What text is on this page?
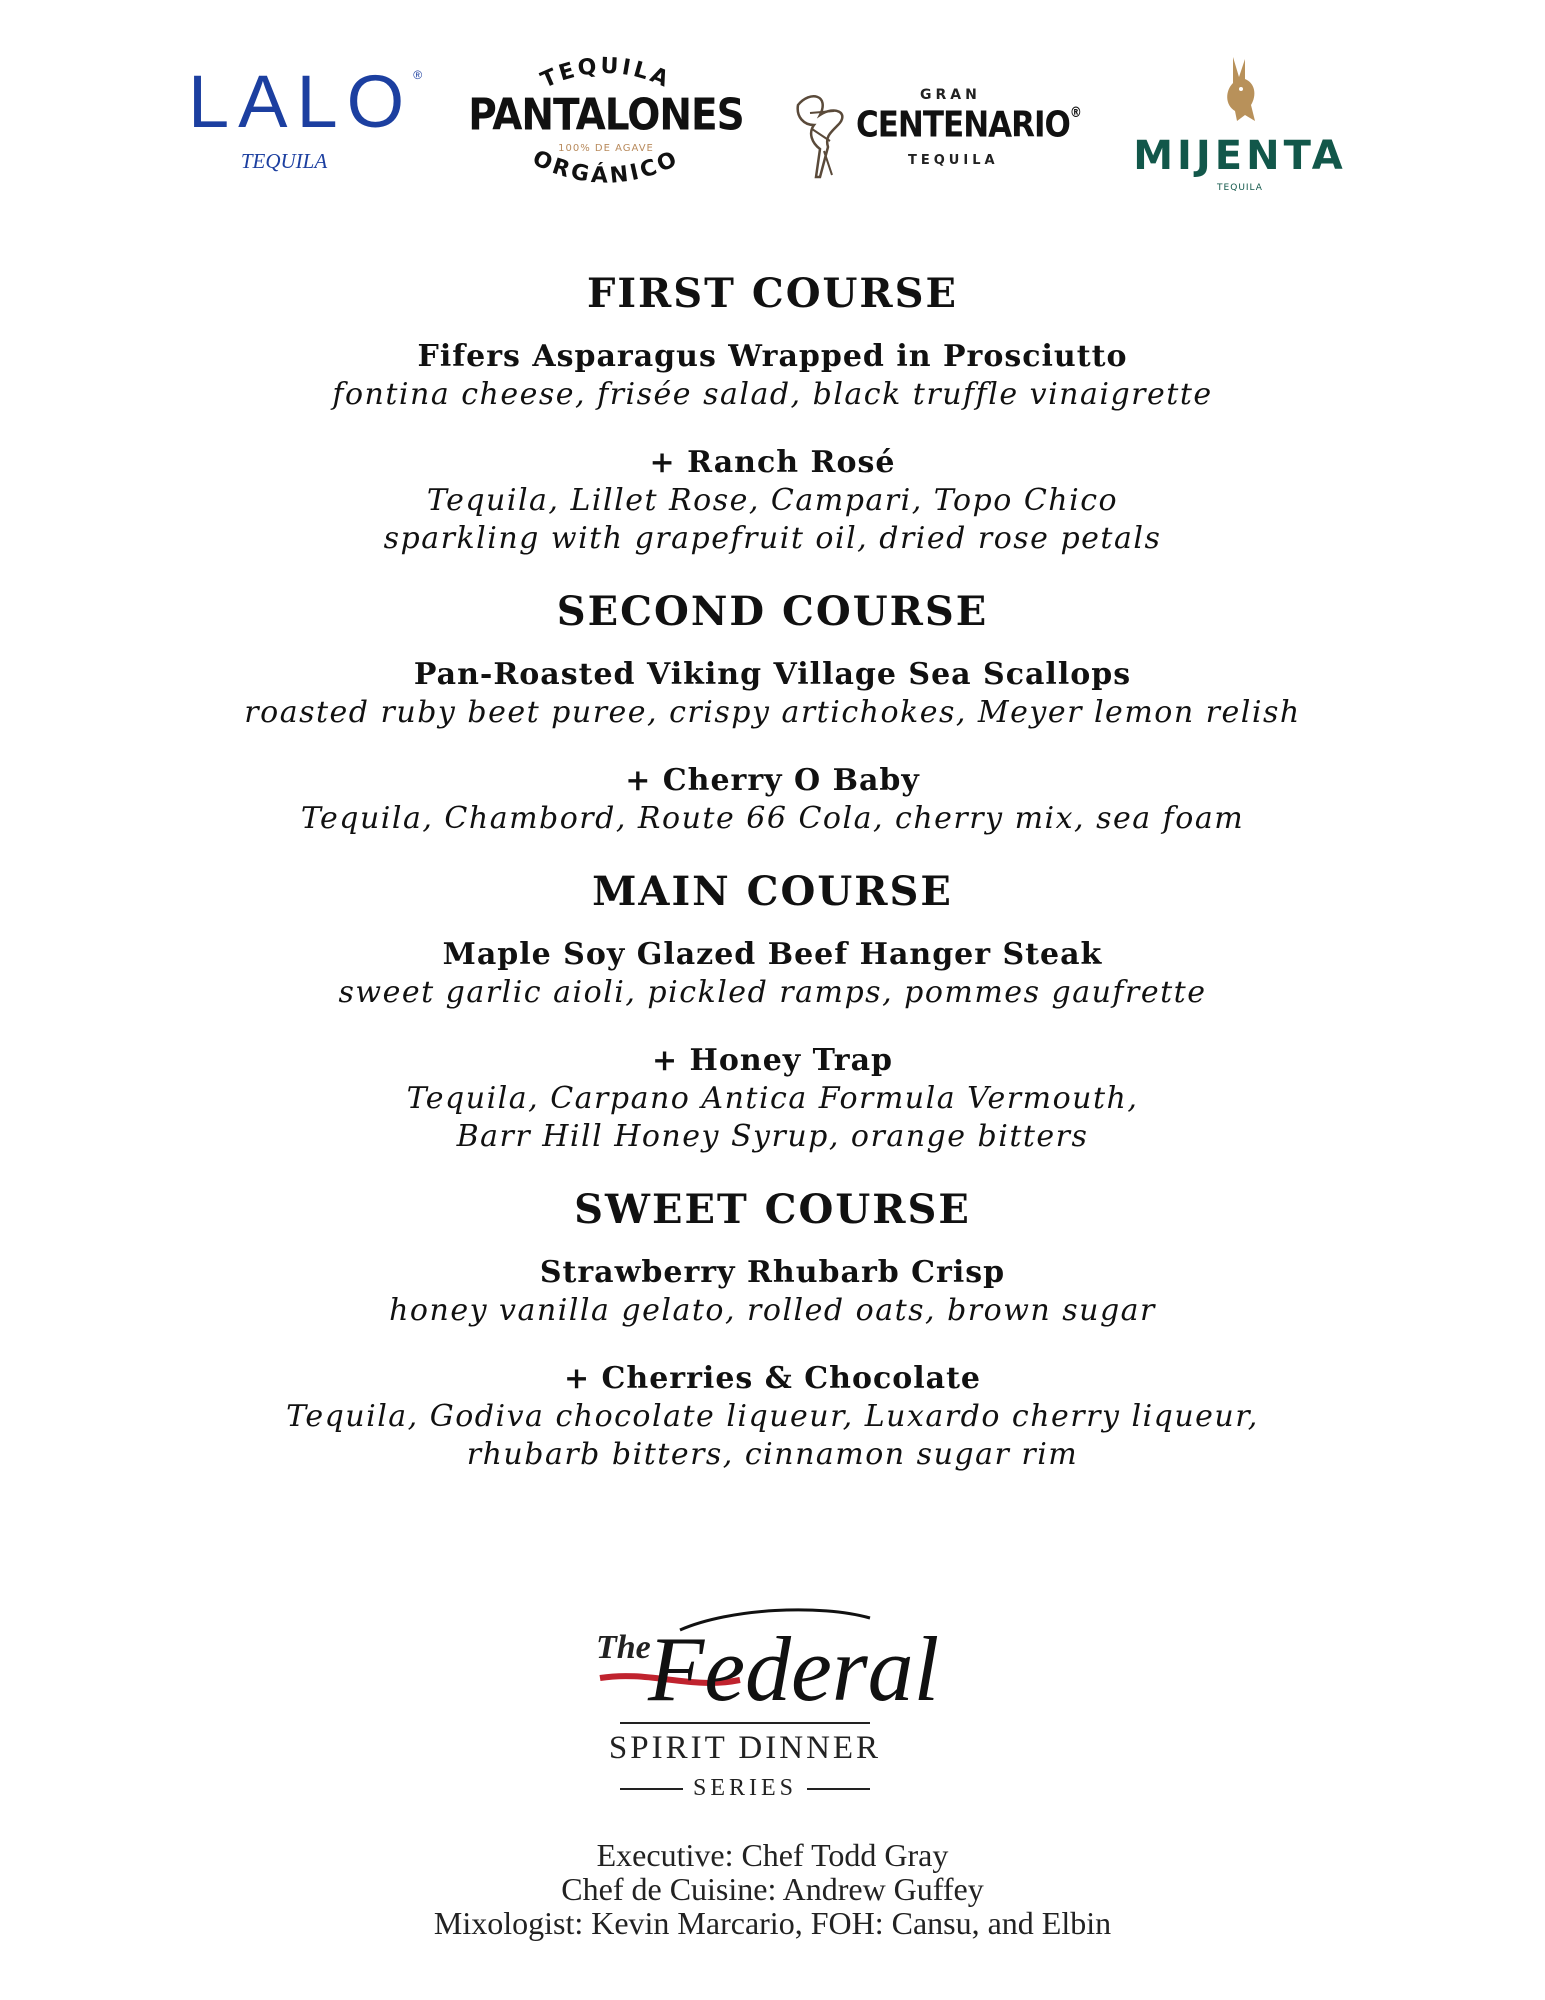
LALO®
TEQUILA
TEQUILA
ORGÁNICO
PANTALONES
100% DE AGAVE
GRAN
CENTENARIO®
TEQUILA	MIJENTA
TEQUILA
FIRST COURSE
Fifers Asparagus Wrapped in Prosciutto
fontina cheese, frisée salad, black truffle vinaigrette
+ Ranch Rosé
Tequila, Lillet Rose, Campari, Topo Chico
sparkling with grapefruit oil, dried rose petals
SECOND COURSE
Pan-Roasted Viking Village Sea Scallops
roasted ruby beet puree, crispy artichokes, Meyer lemon relish
+ Cherry O Baby
Tequila, Chambord, Route 66 Cola, cherry mix, sea foam
MAIN COURSE
Maple Soy Glazed Beef Hanger Steak
sweet garlic aioli, pickled ramps, pommes gaufrette
+ Honey Trap
Tequila, Carpano Antica Formula Vermouth,
Barr Hill Honey Syrup, orange bitters
SWEET COURSE
Strawberry Rhubarb Crisp
honey vanilla gelato, rolled oats, brown sugar
+ Cherries & Chocolate
Tequila, Godiva chocolate liqueur, Luxardo cherry liqueur,
rhubarb bitters, cinnamon sugar rim
The
Federal
SPIRIT DINNER
SERIES
Executive: Chef Todd Gray
Chef de Cuisine: Andrew Guffey
Mixologist: Kevin Marcario, FOH: Cansu, and Elbin
